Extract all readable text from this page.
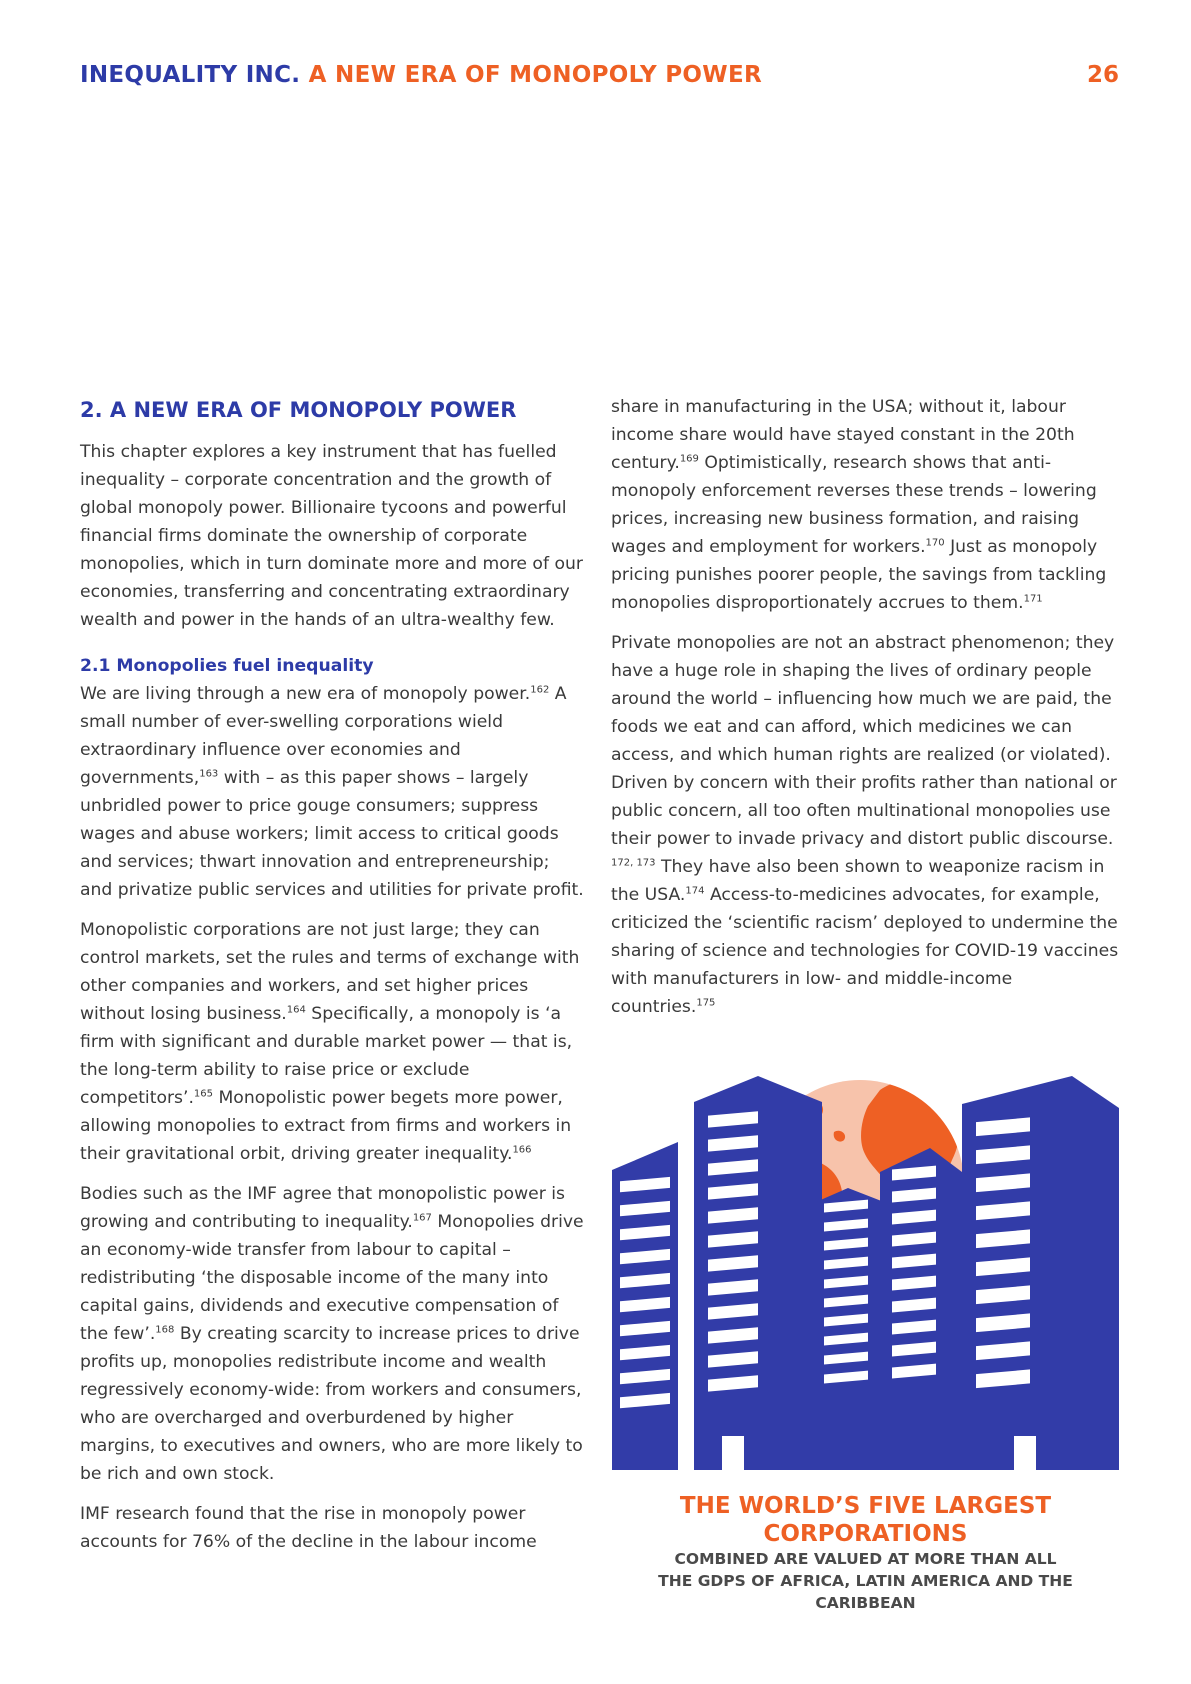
INEQUALITY INC. A NEW ERA OF MONOPOLY POWER	26
2. A NEW ERA OF MONOPOLY POWER

This chapter explores a key instrument that has fuelled inequality – corporate concentration and the growth of global monopoly power. Billionaire tycoons and powerful financial firms dominate the ownership of corporate monopolies, which in turn dominate more and more of our economies, transferring and concentrating extraordinary wealth and power in the hands of an ultra-wealthy few.

2.1 Monopolies fuel inequality

We are living through a new era of monopoly power.$^{162}$ A small number of ever-swelling corporations wield extraordinary influence over economies and governments,$^{163}$ with – as this paper shows – largely unbridled power to price gouge consumers; suppress wages and abuse workers; limit access to critical goods and services; thwart innovation and entrepreneurship; and privatize public services and utilities for private profit.

Monopolistic corporations are not just large; they can control markets, set the rules and terms of exchange with other companies and workers, and set higher prices without losing business.$^{164}$ Specifically, a monopoly is ‘a firm with significant and durable market power — that is, the long-term ability to raise price or exclude competitors’.$^{165}$ Monopolistic power begets more power, allowing monopolies to extract from firms and workers in their gravitational orbit, driving greater inequality.$^{166}$

Bodies such as the IMF agree that monopolistic power is growing and contributing to inequality.$^{167}$ Monopolies drive an economy-wide transfer from labour to capital – redistributing ‘the disposable income of the many into capital gains, dividends and executive compensation of the few’.$^{168}$ By creating scarcity to increase prices to drive profits up, monopolies redistribute income and wealth regressively economy-wide: from workers and consumers, who are overcharged and overburdened by higher margins, to executives and owners, who are more likely to be rich and own stock.

IMF research found that the rise in monopoly power accounts for 76% of the decline in the labour income

share in manufacturing in the USA; without it, labour income share would have stayed constant in the 20th century.$^{169}$ Optimistically, research shows that anti-monopoly enforcement reverses these trends – lowering prices, increasing new business formation, and raising wages and employment for workers.$^{170}$ Just as monopoly pricing punishes poorer people, the savings from tackling monopolies disproportionately accrues to them.$^{171}$

Private monopolies are not an abstract phenomenon; they have a huge role in shaping the lives of ordinary people around the world – influencing how much we are paid, the foods we eat and can afford, which medicines we can access, and which human rights are realized (or violated). Driven by concern with their profits rather than national or public concern, all too often multinational monopolies use their power to invade privacy and distort public discourse. $^{172, 173}$ They have also been shown to weaponize racism in the USA.$^{174}$ Access-to-medicines advocates, for example, criticized the ‘scientific racism’ deployed to undermine the sharing of science and technologies for COVID-19 vaccines with manufacturers in low- and middle-income countries.$^{175}$

THE WORLD’S FIVE LARGEST CORPORATIONS
COMBINED ARE VALUED AT MORE THAN ALL
THE GDPS OF AFRICA, LATIN AMERICA AND THE CARIBBEAN
